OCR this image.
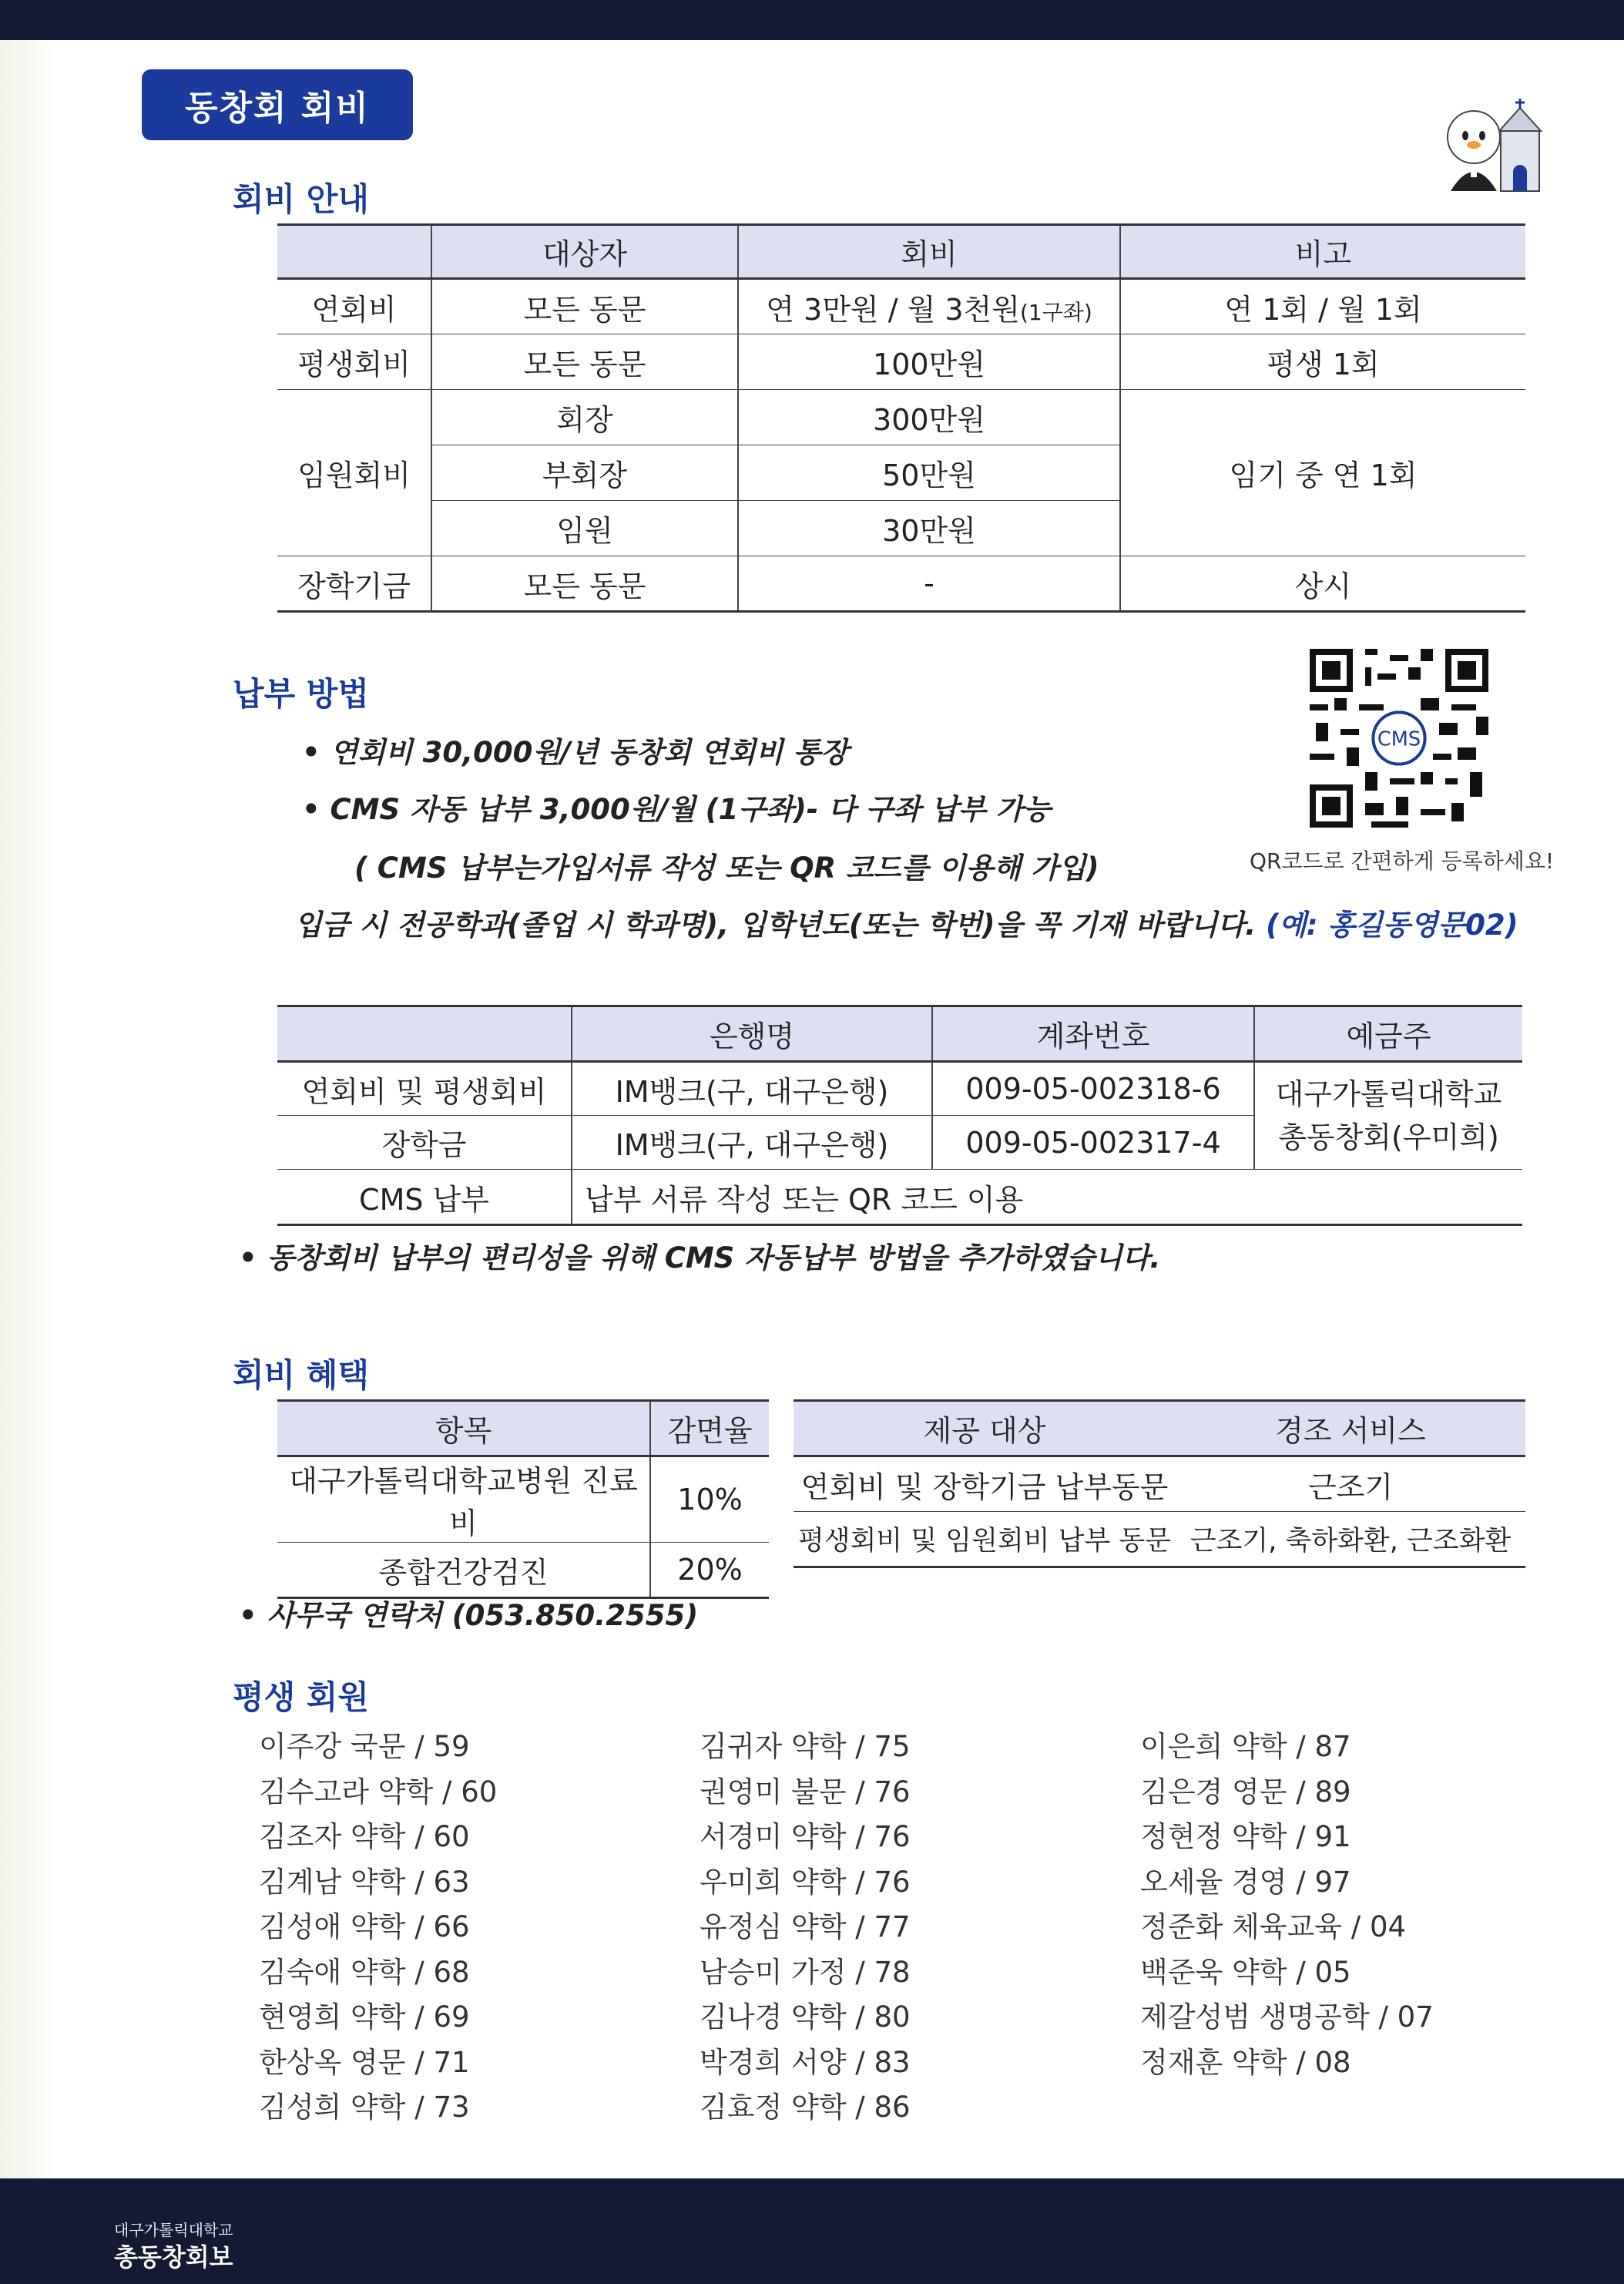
동창회 회비
회비 안내
	대상자	회비	비고
연회비	모든 동문	연 3만원 / 월 3천원(1구좌)	연 1회 / 월 1회
평생회비	모든 동문	100만원	평생 1회
임원회비	회장	300만원	임기 중 연 1회
	부회장	50만원	
	임원	30만원	
장학기금	모든 동문	-	상시
납부 방법
• 연회비 30,000원/년 동창회 연회비 통장
• CMS 자동 납부 3,000원/월 (1구좌)- 다 구좌 납부 가능
( CMS 납부는가입서류 작성 또는 QR 코드를 이용해 가입)
입금 시 전공학과(졸업 시 학과명), 입학년도(또는 학번)을 꼭 기재 바랍니다. (예: 홍길동영문02)
CMS
QR코드로 간편하게 등록하세요!
	은행명	계좌번호	예금주
연회비 및 평생회비	IM뱅크(구, 대구은행)	009-05-002318-6	대구가톨릭대학교
총동창회(우미희)

장학금	IM뱅크(구, 대구은행)	009-05-002317-4	
CMS 납부	납부 서류 작성 또는 QR 코드 이용		
• 동창회비 납부의 편리성을 위해 CMS 자동납부 방법을 추가하였습니다.
회비 혜택
항목	감면율
대구가톨릭대학교병원 진료비	10%
종합건강검진	20%
제공 대상	경조 서비스
연회비 및 장학기금 납부동문	근조기
평생회비 및 임원회비 납부 동문	근조기, 축하화환, 근조화환
• 사무국 연락처 (053.850.2555)
평생 회원
이주강 국문 / 59
김수고라 약학 / 60
김조자 약학 / 60
김계남 약학 / 63
김성애 약학 / 66
김숙애 약학 / 68
현영희 약학 / 69
한상옥 영문 / 71
김성희 약학 / 73
김귀자 약학 / 75
권영미 불문 / 76
서경미 약학 / 76
우미희 약학 / 76
유정심 약학 / 77
남승미 가정 / 78
김나경 약학 / 80
박경희 서양 / 83
김효정 약학 / 86
이은희 약학 / 87
김은경 영문 / 89
정현정 약학 / 91
오세율 경영 / 97
정준화 체육교육 / 04
백준욱 약학 / 05
제갈성범 생명공학 / 07
정재훈 약학 / 08
대구가톨릭대학교
총동창회보
